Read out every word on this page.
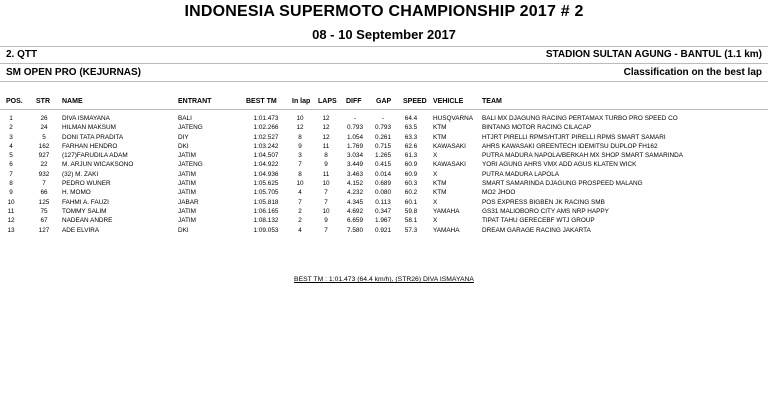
INDONESIA SUPERMOTO CHAMPIONSHIP 2017 # 2
08 - 10 September 2017
2. QTT	STADION SULTAN AGUNG - BANTUL (1.1 km)
SM OPEN PRO (KEJURNAS)	Classification on the best lap
POS. STR NAME	ENTRANT	BEST TM In lap LAPS DIFF GAP SPEED VEHICLE	TEAM
1	26	DIVA ISMAYANA	BALI	1:01.473	10	12	-	-	64.4	HUSQVARNA BALI MX DJAGUNG RACING PERTAMAX TURBO PRO SPEED CO
2	24	HILMAN MAKSUM	JATENG	1:02.266	12	12	0.793	0.793	63.5	KTM	BINTANG MOTOR RACING CILACAP
3	5	DONI TATA PRADITA	DIY	1:02.527	8	12	1.054	0.261	63.3	KTM	HTJRT PIRELLI RPMS/HTJRT PIRELLI RPMS SMART SAMARI
4	162	FARHAN HENDRO	DKI	1:03.242	9	11	1.769	0.715	62.6	KAWASAKI	AHRS KAWASAKI GREENTECH IDEMITSU DUPLOP FH162
5	927	(127)FARUDILA ADAM	JATIM	1:04.507	3	8	3.034	1.265	61.3	X	PUTRA MADURA NAPOLA/BERKAH MX SHOP SMART SAMARINDA
6	22	M. ARJUN WICAKSONO	JATENG	1:04.922	7	9	3.449	0.415	60.9	KAWASAKI	YORI AGUNG AHRS VMX ADD AGUS KLATEN WICK
7	932	(32) M. ZAKI	JATIM	1:04.936	8	11	3.463	0.014	60.9	X	PUTRA MADURA LAPOLA
8	7	PEDRO WUNER	JATIM	1:05.625	10	10	4.152	0.689	60.3	KTM	SMART SAMARINDA DJAGUNG PROSPEED MALANG
9	66	H. MOMO	JATIM	1:05.705	4	7	4.232	0.080	60.2	KTM	MO2 JHOO
10	125	FAHMI A. FAUZI	JABAR	1:05.818	7	7	4.345	0.113	60.1	X	POS EXPRESS BIGBEN JK RACING SMB
11	75	TOMMY SALIM	JATIM	1:06.165	2	10	4.692	0.347	59.8	YAMAHA	GS31 MALIOBORO CITY AMS NRP HAPPY
12	67	NADEAN ANDRE	JATIM	1:08.132	2	9	6.659	1.967	58.1	X	TIPAT TAHU GERECEBF WTJ GROUP
13	127	ADE ELVIRA	DKI	1:09.053	4	7	7.580	0.921	57.3	YAMAHA	DREAM GARAGE RACING JAKARTA
BEST TM : 1:01.473 (64.4 km/h), (STR26) DIVA ISMAYANA
